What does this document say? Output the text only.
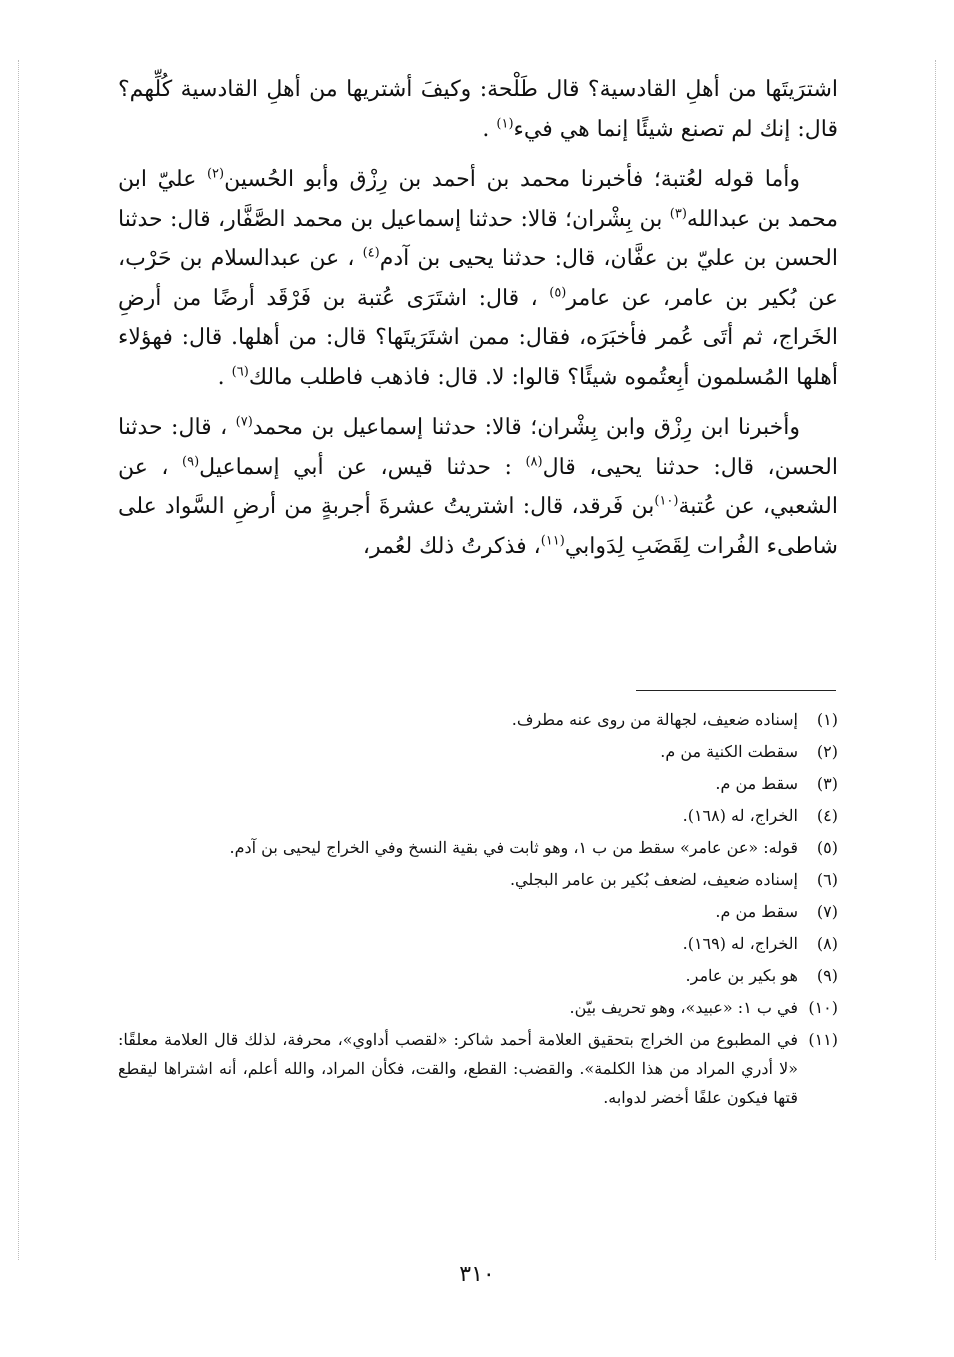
اشترَيتَها من أهلِ القادسية؟ قال طَلْحة: وكيفَ أشتريها من أهلِ القادسية كُلِّهم؟ قال: إنك لم تصنع شيئًا إنما هي فيء$^{(١)}$ .

وأما قوله لعُتبة؛ فأخبرنا محمد بن أحمد بن رِزْق وأبو الحُسين$^{(٢)}$ عليّ ابن محمد بن عبدالله$^{(٣)}$ بن بِشْران؛ قالا: حدثنا إسماعيل بن محمد الصَّفَّار، قال: حدثنا الحسن بن عليّ بن عفَّان، قال: حدثنا يحيى بن آدم$^{(٤)}$ ، عن عبدالسلام بن حَرْب، عن بُكير بن عامر، عن عامر$^{(٥)}$ ، قال: اشتَرَى عُتبة بن فَرْقَد أرضًا من أرضِ الخَراج، ثم أتَى عُمر فأخبَرَه، فقال: ممن اشتَرَيتَها؟ قال: من أهلها. قال: فهؤلاء أهلها المُسلمون أبِعتُموه شيئًا؟ قالوا: لا. قال: فاذهب فاطلب مالك$^{(٦)}$ .

وأخبرنا ابن رِزْق وابن بِشْران؛ قالا: حدثنا إسماعيل بن محمد$^{(٧)}$ ، قال: حدثنا الحسن، قال: حدثنا يحيى، قال$^{(٨)}$ : حدثنا قيس، عن أبي إسماعيل$^{(٩)}$ ، عن الشعبي، عن عُتبة$^{(١٠)}$بن فَرقد، قال: اشتريتُ عشرةَ أجربةٍ من أرضِ السَّواد على شاطىء الفُرات لِقَضَبِ لِدَوابي$^{(١١)}$، فذكرتُ ذلك لعُمر،

(١)
إسناده ضعيف، لجهالة من روى عنه مطرف.
(٢)
سقطت الكنية من م.
(٣)
سقط من م.
(٤)
الخراج، له (١٦٨).
(٥)
قوله: «عن عامر» سقط من ب ١، وهو ثابت في بقية النسخ وفي الخراج ليحيى بن آدم.
(٦)
إسناده ضعيف، لضعف بُكير بن عامر البجلي.
(٧)
سقط من م.
(٨)
الخراج، له (١٦٩).
(٩)
هو بكير بن عامر.
(١٠)
في ب ١: «عبيد»، وهو تحريف بيّن.
(١١)
في المطبوع من الخراج بتحقيق العلامة أحمد شاكر: «لقصب أداوي»، محرفة، لذلك قال العلامة معلقًا: «لا أدري المراد من هذا الكلمة». والقضب: القطع، والقت، فكأن المراد، والله أعلم، أنه اشتراها ليقطع قتها فيكون علفًا أخضر لدوابه.
٣١٠
